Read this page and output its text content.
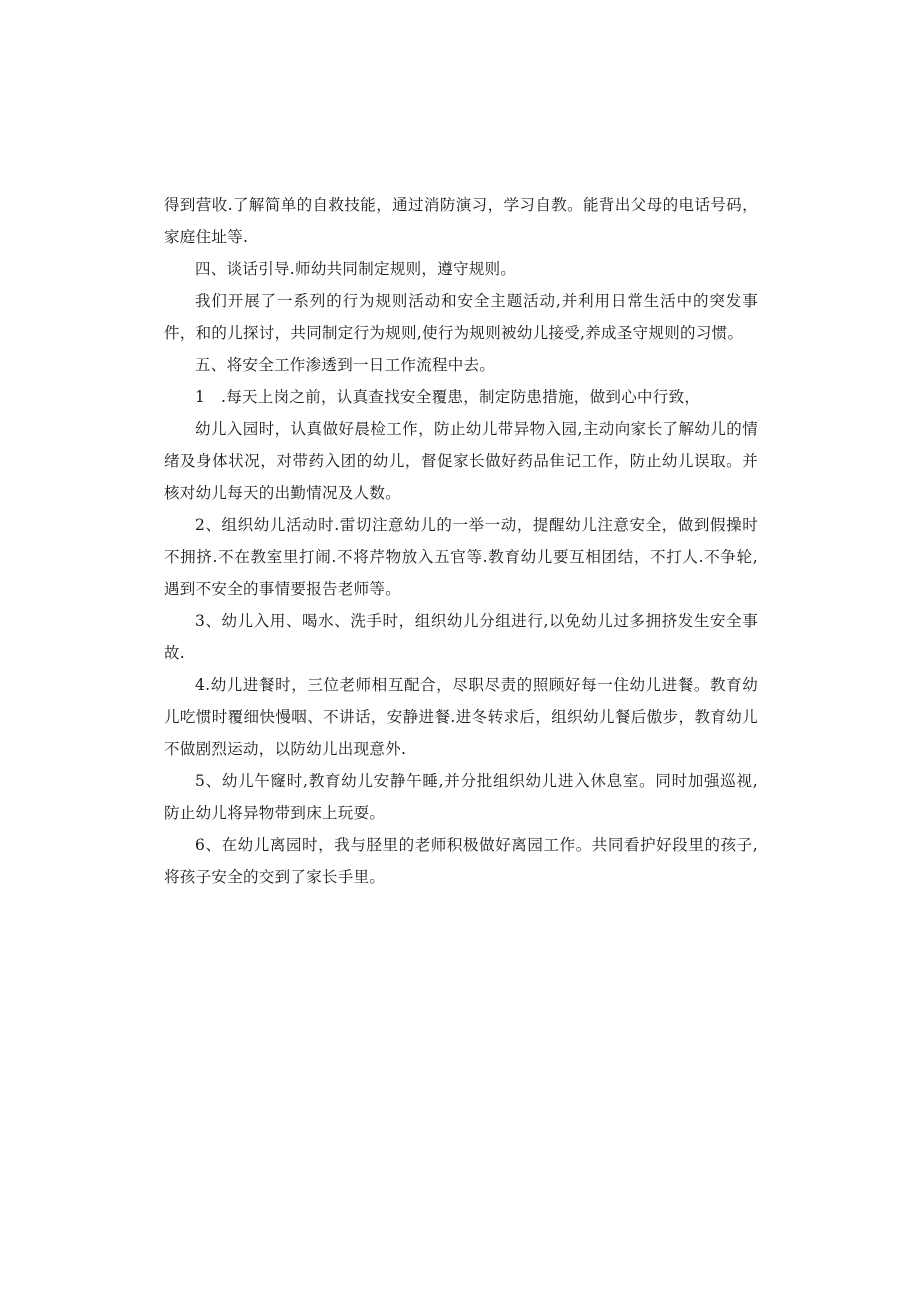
得到营收.了解简单的自救技能，通过消防演习，学习自教。能背出父母的电话号码，家庭住址等.

四、谈话引导.师幼共同制定规则，遵守规则。

我们开展了一系列的行为规则活动和安全主题活动,并利用日常生活中的突发事件，和的儿探讨，共同制定行为规则,使行为规则被幼儿接受,养成圣守规则的习惯。

五、将安全工作渗透到一日工作流程中去。

1　.每天上岗之前，认真查找安全覆患，制定防患措施，做到心中行致，

幼儿入园时，认真做好晨检工作，防止幼儿带异物入园,主动向家长了解幼儿的情绪及身体状况，对带药入团的幼儿，督促家长做好药品隹记工作，防止幼儿误取。并核对幼儿每天的出勤情况及人数。

2、组织幼儿活动时.雷切注意幼儿的一举一动，提醒幼儿注意安全，做到假操时不拥挤.不在教室里打闹.不将芹物放入五官等.教育幼儿要互相团结，不打人.不争轮,遇到不安全的事情要报告老师等。

3、幼儿入用、喝水、洗手时，组织幼儿分组进行,以免幼儿过多拥挤发生安全事故.

4.幼儿进餐时，三位老师相互配合，尽职尽责的照顾好每一住幼儿进餐。教育幼儿吃惯时覆细快慢咽、不讲话，安静进餐.进冬转求后，组织幼儿餐后傲步，教育幼儿不做剧烈运动，以防幼儿出现意外.

5、幼儿午窿时,教育幼儿安静午睡,并分批组织幼儿进入休息室。同时加强巡视,防止幼儿将异物带到床上玩耍。

6、在幼儿离园时，我与胫里的老师积极做好离园工作。共同看护好段里的孩子,将孩子安全的交到了家长手里。
